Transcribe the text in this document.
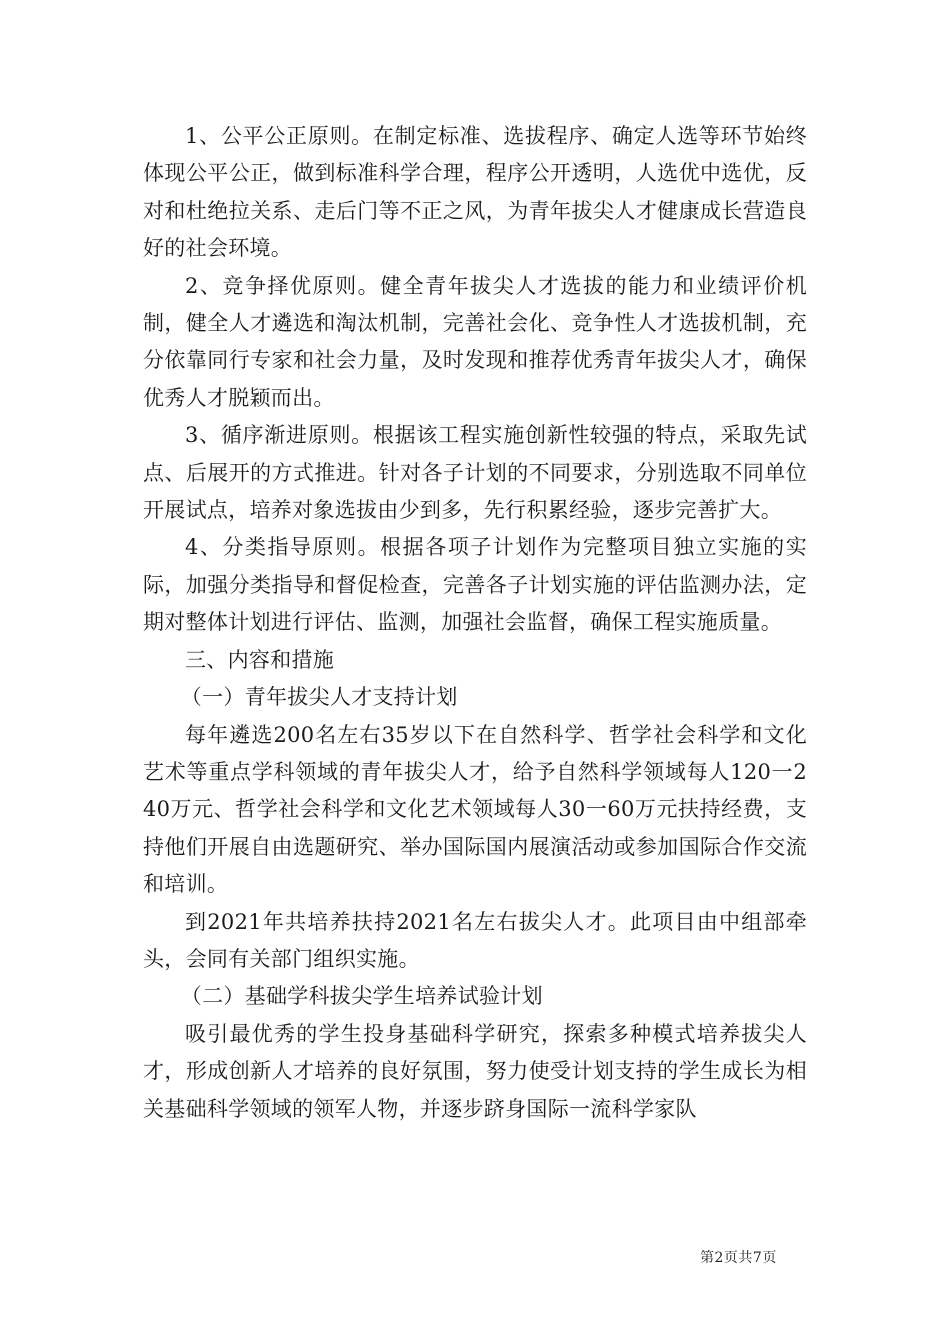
1、公平公正原则。在制定标准、选拔程序、确定人选等环节始终体现公平公正，做到标准科学合理，程序公开透明，人选优中选优，反对和杜绝拉关系、走后门等不正之风，为青年拔尖人才健康成长营造良好的社会环境。

2、竞争择优原则。健全青年拔尖人才选拔的能力和业绩评价机制，健全人才遴选和淘汰机制，完善社会化、竞争性人才选拔机制，充分依靠同行专家和社会力量，及时发现和推荐优秀青年拔尖人才，确保优秀人才脱颖而出。

3、循序渐进原则。根据该工程实施创新性较强的特点，采取先试点、后展开的方式推进。针对各子计划的不同要求，分别选取不同单位开展试点，培养对象选拔由少到多，先行积累经验，逐步完善扩大。

4、分类指导原则。根据各项子计划作为完整项目独立实施的实际，加强分类指导和督促检查，完善各子计划实施的评估监测办法，定期对整体计划进行评估、监测，加强社会监督，确保工程实施质量。

三、内容和措施

（一）青年拔尖人才支持计划

每年遴选200名左右35岁以下在自然科学、哲学社会科学和文化艺术等重点学科领域的青年拔尖人才，给予自然科学领域每人120一240万元、哲学社会科学和文化艺术领域每人30一60万元扶持经费，支持他们开展自由选题研究、举办国际国内展演活动或参加国际合作交流和培训。

到2021年共培养扶持2021名左右拔尖人才。此项目由中组部牵头，会同有关部门组织实施。

（二）基础学科拔尖学生培养试验计划

吸引最优秀的学生投身基础科学研究，探索多种模式培养拔尖人才，形成创新人才培养的良好氛围，努力使受计划支持的学生成长为相关基础科学领域的领军人物，并逐步跻身国际一流科学家队

第2页共7页
